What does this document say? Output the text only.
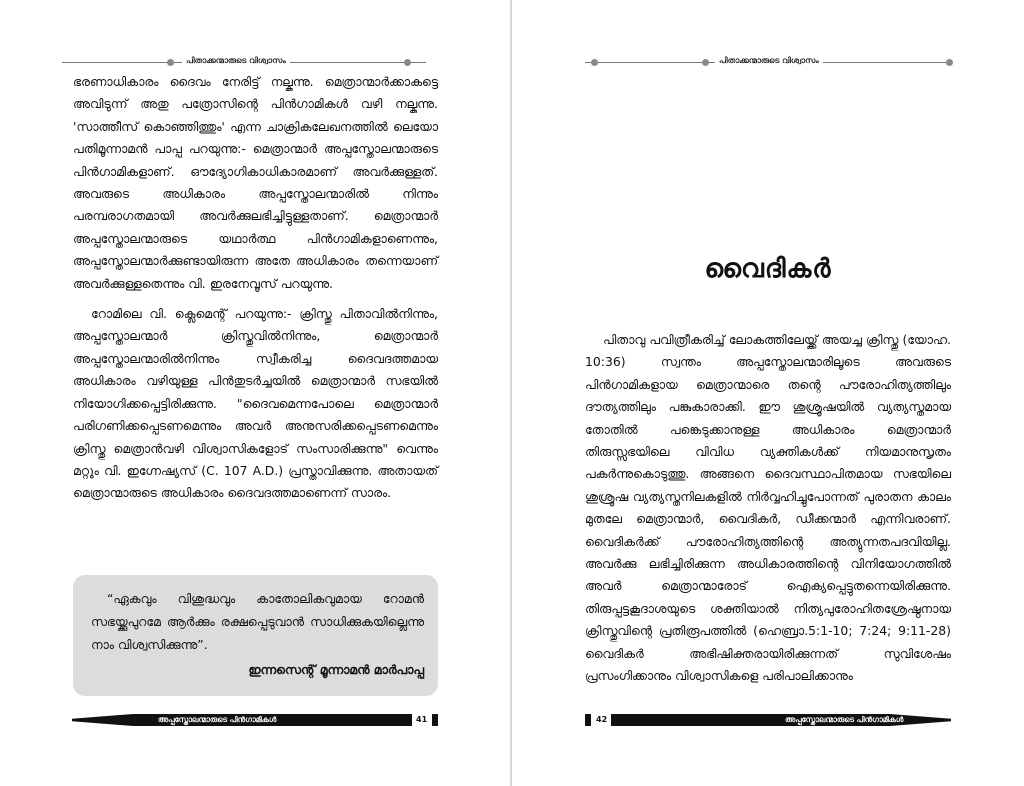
പിതാക്കന്മാരുടെ വിശ്വാസം

ഭരണാധികാരം ദൈവം നേരിട്ട് നല്കുന്നു. മെത്രാന്മാർക്കാകട്ടെ അവിടുന്ന് അതു പത്രോസിന്റെ പിൻഗാമികൾ വഴി നല്കുന്നു. 'സാത്തീസ് കൊഞ്ഞിത്തും' എന്ന ചാക്രികലേഖനത്തിൽ ലെയോ പതിമൂന്നാമൻ പാപ്പ പറയുന്നു:- മെത്രാന്മാർ അപ്പസ്തോലന്മാരുടെ പിൻഗാമികളാണ്. ഔദ്യോഗികാധികാരമാണ് അവർക്കുള്ളത്. അവരുടെ അധികാരം അപ്പസ്തോലന്മാരിൽ നിന്നും പരമ്പരാഗതമായി അവർക്കുലഭിച്ചിട്ടുള്ളതാണ്. മെത്രാന്മാർ അപ്പസ്തോലന്മാരുടെ യഥാർത്ഥ പിൻഗാമികളാണെന്നും, അപ്പസ്തോലന്മാർക്കുണ്ടായിരുന്ന അതേ അധികാരം തന്നെയാണ് അവർക്കുള്ളതെന്നും വി. ഇരനേവൂസ് പറയുന്നു.

റോമിലെ വി. ക്ലെമെന്റ് പറയുന്നു:- ക്രിസ്തു പിതാവിൽനിന്നും, അപ്പസ്തോലന്മാർ ക്രിസ്തുവിൽനിന്നും, മെത്രാന്മാർ അപ്പസ്തോലന്മാരിൽനിന്നും സ്വീകരിച്ച ദൈവദത്തമായ അധികാരം വഴിയുള്ള പിൻതുടർച്ചയിൽ മെത്രാന്മാർ സഭയിൽ നിയോഗിക്കപ്പെട്ടിരിക്കുന്നു. "ദൈവമെന്നപോലെ മെത്രാന്മാർ പരിഗണിക്കപ്പെടണമെന്നും അവർ അനുസരിക്കപ്പെടണമെന്നും ക്രിസ്തു മെത്രാൻവഴി വിശ്വാസികളോട് സംസാരിക്കുന്നു" വെന്നും മറ്റും വി. ഇഗ്നേഷ്യസ് (C. 107 A.D.) പ്രസ്താവിക്കുന്നു. അതായത് മെത്രാന്മാരുടെ അധികാരം ദൈവദത്തമാണെന്ന് സാരം.

“ഏകവും വിശുദ്ധവും കാതോലികവുമായ റോമൻ സഭയ്ക്കുപുറമേ ആർക്കും രക്ഷപ്പെടുവാൻ സാധിക്കുകയില്ലെന്നു നാം വിശ്വസിക്കുന്നു”.
ഇന്നസെന്റ് മൂന്നാമൻ മാർപാപ്പ
അപ്പസ്തോലന്മാരുടെ പിൻഗാമികൾ	41
പിതാക്കന്മാരുടെ വിശ്വാസം
വൈദികർ

പിതാവു പവിത്രീകരിച്ച് ലോകത്തിലേയ്ക്ക് അയച്ച ക്രിസ്തു (യോഹ. 10:36) സ്വന്തം അപ്പസ്തോലന്മാരിലൂടെ അവരുടെ പിൻഗാമികളായ മെത്രാന്മാരെ തന്റെ പൗരോഹിത്യത്തിലും ദൗത്യത്തിലും പങ്കുകാരാക്കി. ഈ ശുശ്രൂഷയിൽ വ്യത്യസ്തമായ തോതിൽ പങ്കെടുക്കാനുള്ള അധികാരം മെത്രാന്മാർ തിരുസ്സഭയിലെ വിവിധ വ്യക്തികൾക്ക് നിയമാനുസൃതം പകർന്നുകൊടുത്തു. അങ്ങനെ ദൈവസ്ഥാപിതമായ സഭയിലെ ശുശ്രൂഷ വ്യത്യസ്തനിലകളിൽ നിർവ്വഹിച്ചുപോന്നത് പുരാതന കാലം മുതലേ മെത്രാന്മാർ, വൈദികർ, ഡീക്കന്മാർ എന്നിവരാണ്. വൈദികർക്ക് പൗരോഹിത്യത്തിന്റെ അത്യുന്നതപദവിയില്ല. അവർക്കു ലഭിച്ചിരിക്കുന്ന അധികാരത്തിന്റെ വിനിയോഗത്തിൽ അവർ മെത്രാന്മാരോട് ഐക്യപ്പെട്ടുതന്നെയിരിക്കുന്നു. തിരുപ്പട്ടകൂദാശയുടെ ശക്തിയാൽ നിത്യപുരോഹിതശ്രേഷ്ഠനായ ക്രിസ്തുവിന്റെ പ്രതിരൂപത്തിൽ (ഹെബ്രാ.5:1-10; 7:24; 9:11-28) വൈദികർ അഭിഷിക്തരായിരിക്കുന്നത് സുവിശേഷം പ്രസംഗിക്കാനും വിശ്വാസികളെ പരിപാലിക്കാനും

42	അപ്പസ്തോലന്മാരുടെ പിൻഗാമികൾ
